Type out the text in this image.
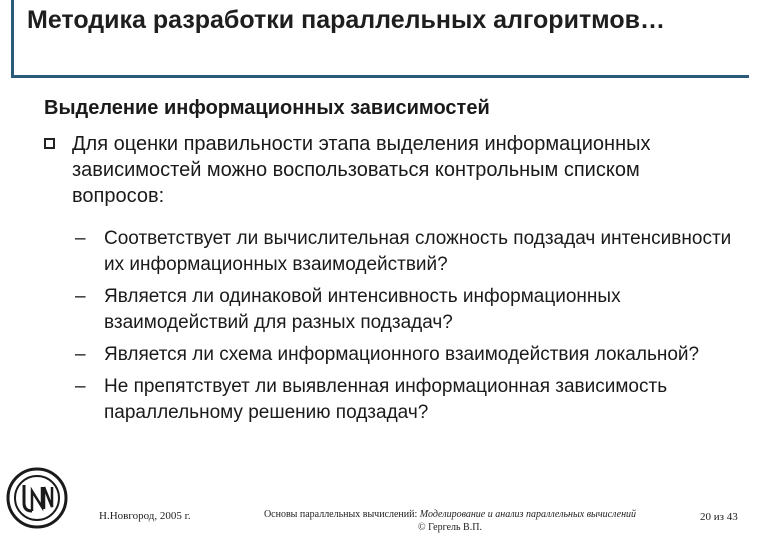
Методика разработки параллельных алгоритмов…
Выделение информационных зависимостей
Для оценки правильности этапа выделения информационных зависимостей можно воспользоваться контрольным списком вопросов:
– Соответствует ли вычислительная сложность подзадач интенсивности их информационных взаимодействий?
– Является ли одинаковой интенсивность информационных взаимодействий для разных подзадач?
– Является ли схема информационного взаимодействия локальной?
– Не препятствует ли выявленная информационная зависимость параллельному решению подзадач?
Н.Новгород, 2005 г.	Основы параллельных вычислений: Моделирование и анализ параллельных вычислений
© Гергель В.П.
20 из 43
